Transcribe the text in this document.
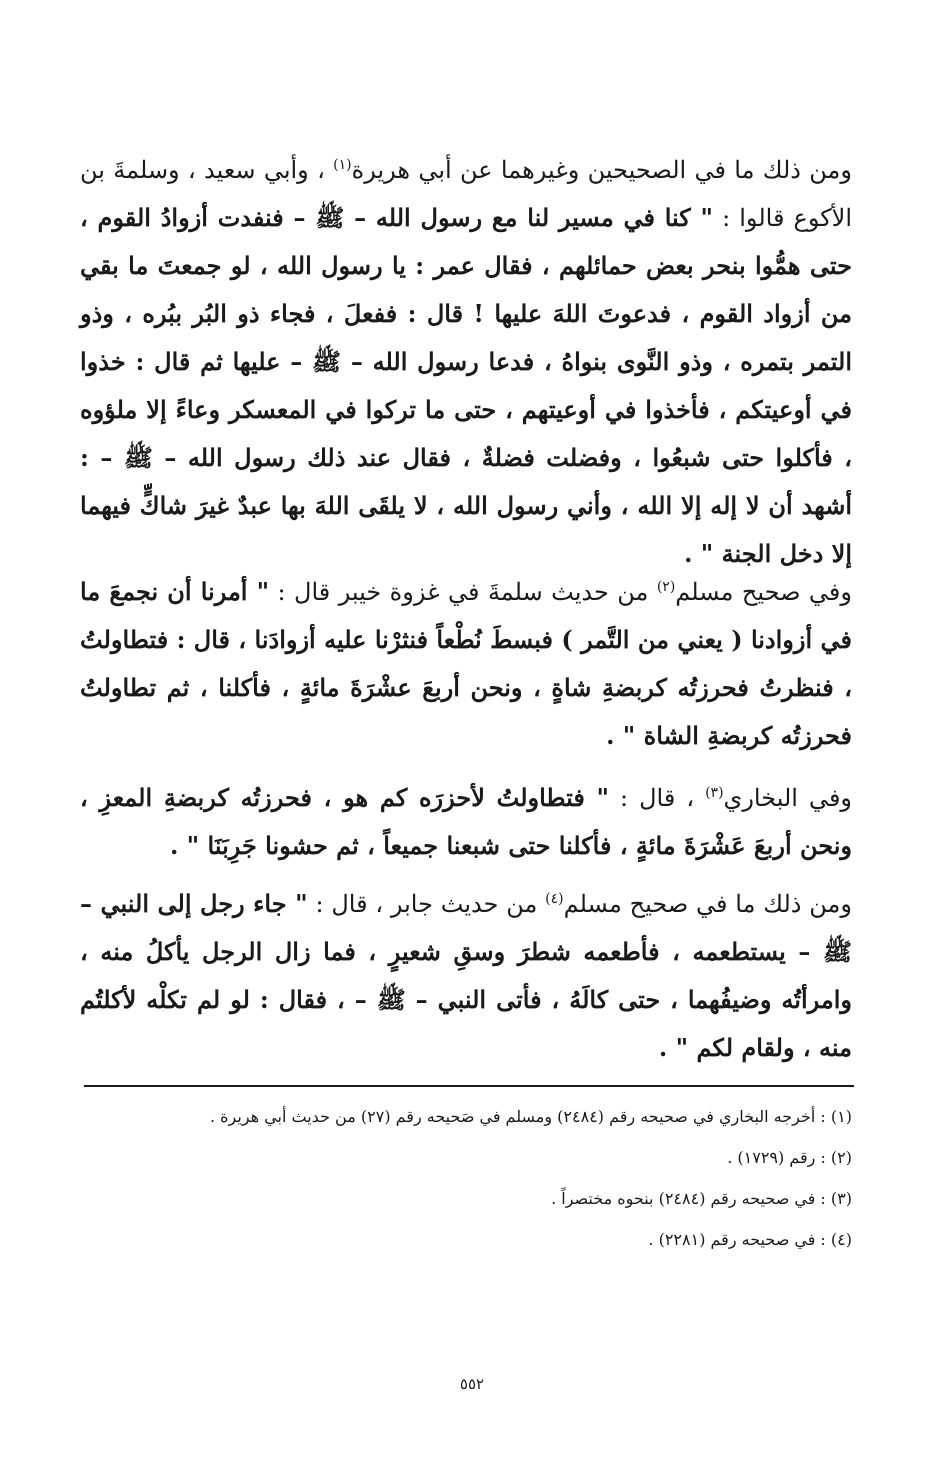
ومن ذلك ما في الصحيحين وغيرهما عن أبي هريرة$^{(١)}$ ، وأبي سعيد ، وسلمةَ بن الأكوع قالوا : " كنا في مسير لنا مع رسول الله – ﷺ – فنفدت أزوادُ القوم ، حتى همُّوا بنحر بعض حمائلهم ، فقال عمر : يا رسول الله ، لو جمعتَ ما بقي من أزواد القوم ، فدعوتَ اللهَ عليها ! قال : ففعلَ ، فجاء ذو البُر ببُره ، وذو التمر بتمره ، وذو النَّوى بنواهُ ، فدعا رسول الله – ﷺ – عليها ثم قال : خذوا في أوعيتكم ، فأخذوا في أوعيتهم ، حتى ما تركوا في المعسكر وعاءً إلا ملؤوه ، فأكلوا حتى شبعُوا ، وفضلت فضلةٌ ، فقال عند ذلك رسول الله – ﷺ – : أشهد أن لا إله إلا الله ، وأني رسول الله ، لا يلقَى اللهَ بها عبدٌ غيرَ شاكٍّ فيهما إلا دخل الجنة " .

وفي صحيح مسلم$^{(٢)}$ من حديث سلمةَ في غزوة خيبر قال : " أمرنا أن نجمعَ ما في أزوادنا ( يعني من التَّمر ) فبسطَ نُطْعاً فنثرْنا عليه أزوادَنا ، قال : فتطاولتُ ، فنظرتُ فحرزتُه كربضةِ شاةٍ ، ونحن أربعَ عشْرَةَ مائةٍ ، فأكلنا ، ثم تطاولتُ فحرزتُه كربضةِ الشاة " .

وفي البخاري$^{(٣)}$ ، قال : " فتطاولتُ لأحزرَه كم هو ، فحرزتُه كربضةِ المعزِ ، ونحن أربعَ عَشْرَةَ مائةٍ ، فأكلنا حتى شبعنا جميعاً ، ثم حشونا جَرِبَنَا " .

ومن ذلك ما في صحيح مسلم$^{(٤)}$ من حديث جابر ، قال : " جاء رجل إلى النبي – ﷺ – يستطعمه ، فأطعمه شطرَ وسقِ شعيرٍ ، فما زال الرجل يأكلُ منه ، وامرأتُه وضيفُهما ، حتى كالَهُ ، فأتى النبي – ﷺ – ، فقال : لو لم تكلْه لأكلتُم منه ، ولقام لكم " .

(١) : أخرجه البخاري في صحيحه رقم (٢٤٨٤) ومسلم في صَحيحه رقم (٢٧) من حديث أبي هريرة .
(٢) : رقم (١٧٢٩) .
(٣) : في صحيحه رقم (٢٤٨٤) بنحوه مختصراً .
(٤) : في صحيحه رقم (٢٢٨١) .
٥٥٢
